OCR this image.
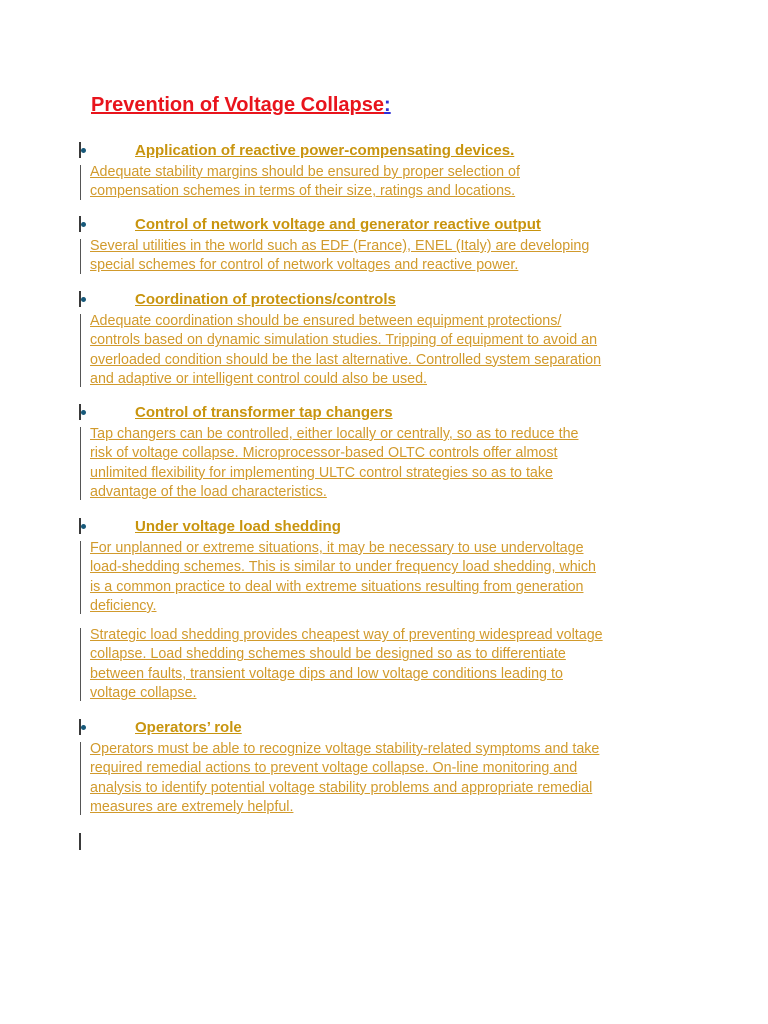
Prevention of Voltage Collapse:
Application of reactive power-compensating devices.
Adequate stability margins should be ensured by proper selection of
compensation schemes in terms of their size, ratings and locations.
Control of network voltage and generator reactive output
Several utilities in the world such as EDF (France), ENEL (Italy) are developing
special schemes for control of network voltages and reactive power.
Coordination of protections/controls
Adequate coordination should be ensured between equipment protections/
controls based on dynamic simulation studies. Tripping of equipment to avoid an
overloaded condition should be the last alternative. Controlled system separation
and adaptive or intelligent control could also be used.
Control of transformer tap changers
Tap changers can be controlled, either locally or centrally, so as to reduce the
risk of voltage collapse. Microprocessor-based OLTC controls offer almost
unlimited flexibility for implementing ULTC control strategies so as to take
advantage of the load characteristics.
Under voltage load shedding
For unplanned or extreme situations, it may be necessary to use undervoltage
load-shedding schemes. This is similar to under frequency load shedding, which
is a common practice to deal with extreme situations resulting from generation
deficiency.
Strategic load shedding provides cheapest way of preventing widespread voltage
collapse. Load shedding schemes should be designed so as to differentiate
between faults, transient voltage dips and low voltage conditions leading to
voltage collapse.
Operators’ role
Operators must be able to recognize voltage stability-related symptoms and take
required remedial actions to prevent voltage collapse. On-line monitoring and
analysis to identify potential voltage stability problems and appropriate remedial
measures are extremely helpful.
